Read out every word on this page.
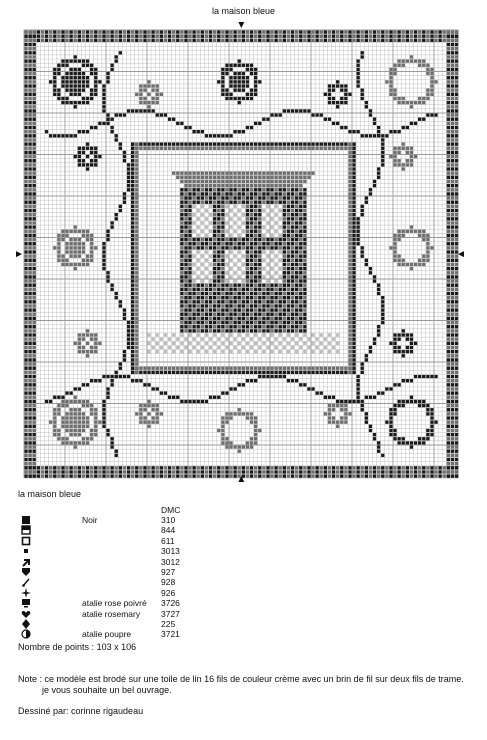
la maison bleue
la maison bleue
DMC
Noir	310
844
611
3013
3012
927
928
926
atalie rose poivré 3726
atalie rosemary 3727
225
atalie poupre	3721
Nombre de points : 103 x 106
Note : ce modèle est brodé sur une toile de lin 16 fils de couleur crème avec un brin de fil sur deux fils de trame.
je vous souhaite un bel ouvrage.
Dessiné par: corinne rigaudeau
